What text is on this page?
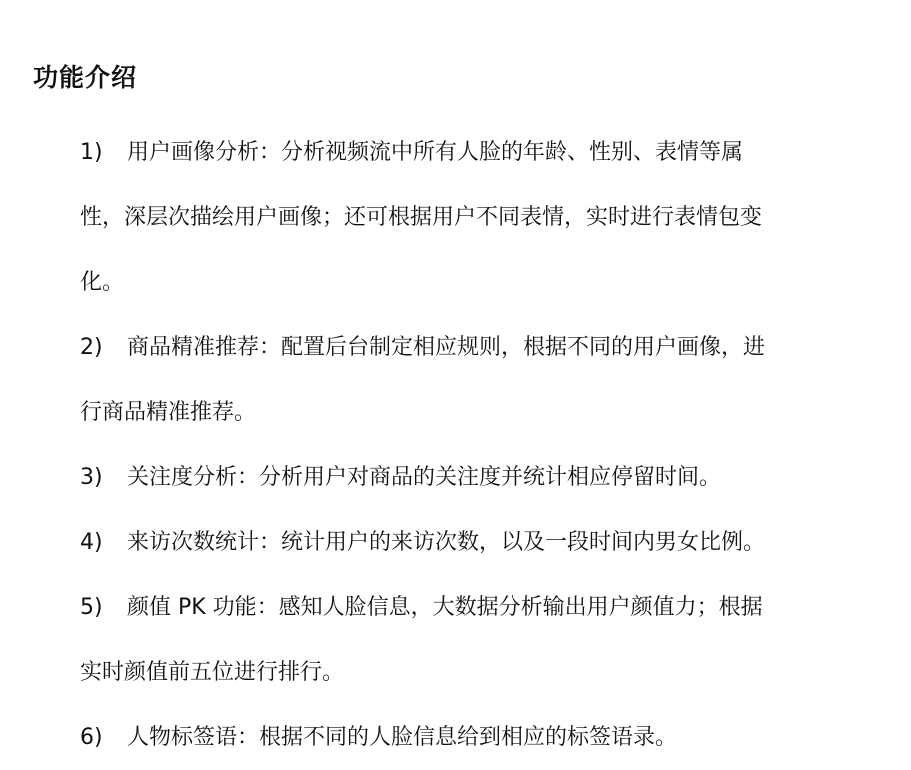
功能介绍
1) 用户画像分析：分析视频流中所有人脸的年龄、性别、表情等属
性，深层次描绘用户画像；还可根据用户不同表情，实时进行表情包变
化。
2) 商品精准推荐：配置后台制定相应规则，根据不同的用户画像，进
行商品精准推荐。
3) 关注度分析：分析用户对商品的关注度并统计相应停留时间。
4) 来访次数统计：统计用户的来访次数，以及一段时间内男女比例。
5) 颜值 PK 功能：感知人脸信息，大数据分析输出用户颜值力；根据
实时颜值前五位进行排行。
6) 人物标签语：根据不同的人脸信息给到相应的标签语录。
